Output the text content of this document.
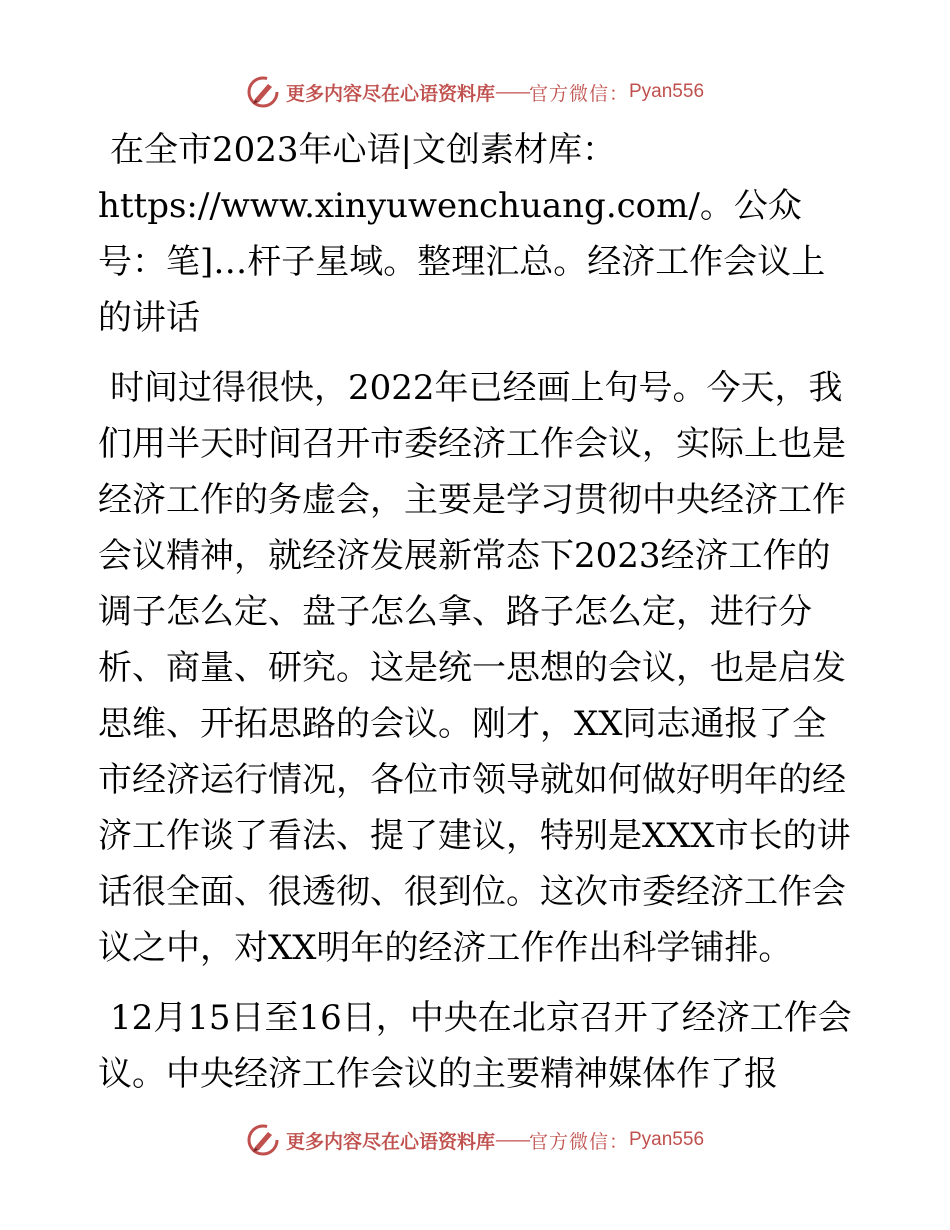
更多内容尽在心语资料库 —— 官方微信： Pyan556

在全市2023年心语|文创素材库：https://www.xinyuwenchuang.com/。公众号：笔]…杆子星域。整理汇总。经济工作会议上的讲话

时间过得很快，2022年已经画上句号。今天，我们用半天时间召开市委经济工作会议，实际上也是经济工作的务虚会，主要是学习贯彻中央经济工作会议精神，就经济发展新常态下2023经济工作的调子怎么定、盘子怎么拿、路子怎么定，进行分析、商量、研究。这是统一思想的会议，也是启发思维、开拓思路的会议。刚才，XX同志通报了全市经济运行情况，各位市领导就如何做好明年的经济工作谈了看法、提了建议，特别是XXX市长的讲话很全面、很透彻、很到位。这次市委经济工作会议之中，对XX明年的经济工作作出科学铺排。

12月15日至16日，中央在北京召开了经济工作会议。中央经济工作会议的主要精神媒体作了报

更多内容尽在心语资料库 —— 官方微信： Pyan556
